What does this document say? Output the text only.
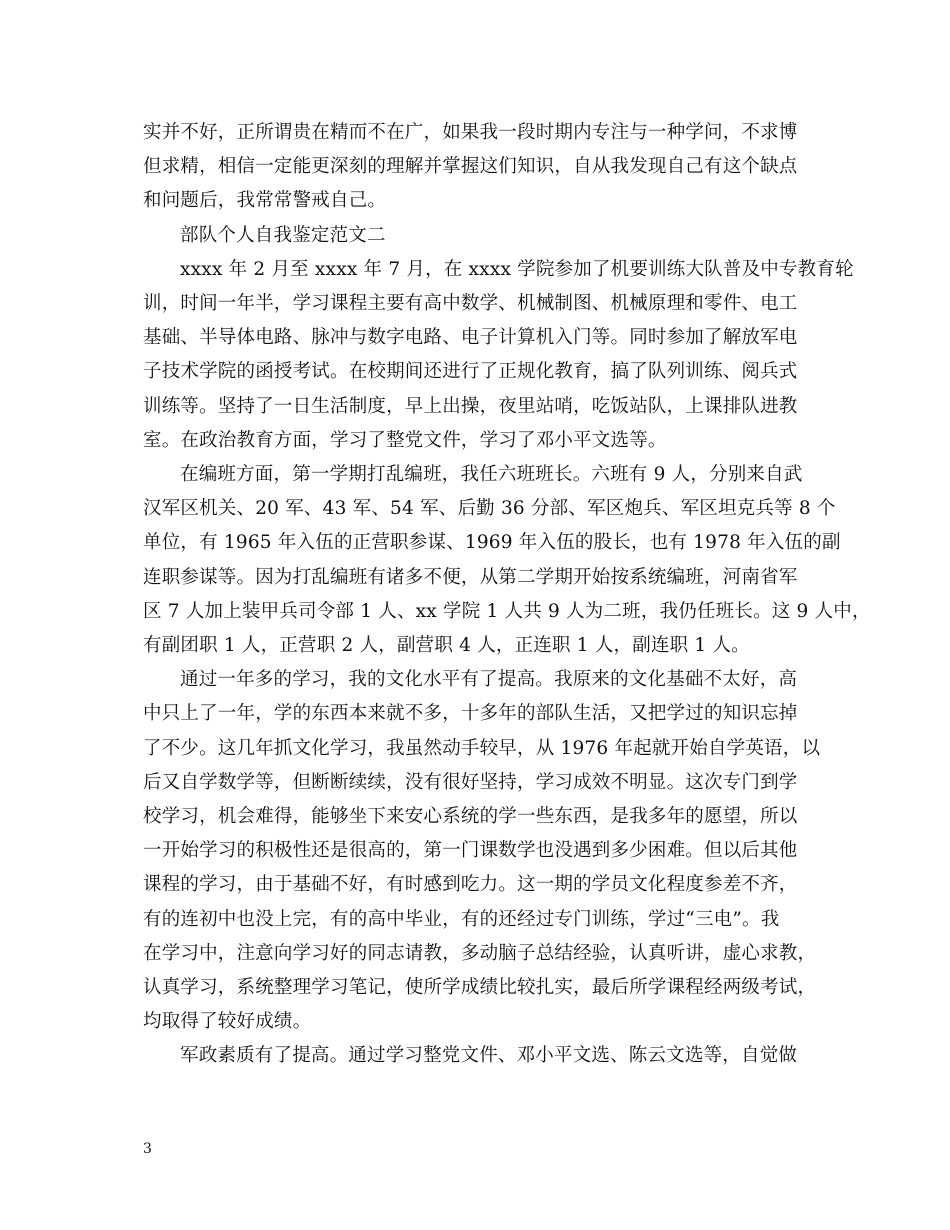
实并不好，正所谓贵在精而不在广，如果我一段时期内专注与一种学问，不求博
但求精，相信一定能更深刻的理解并掌握这们知识，自从我发现自己有这个缺点
和问题后，我常常警戒自己。
部队个人自我鉴定范文二
xxxx 年 2 月至 xxxx 年 7 月，在 xxxx 学院参加了机要训练大队普及中专教育轮
训，时间一年半，学习课程主要有高中数学、机械制图、机械原理和零件、电工
基础、半导体电路、脉冲与数字电路、电子计算机入门等。同时参加了解放军电
子技术学院的函授考试。在校期间还进行了正规化教育，搞了队列训练、阅兵式
训练等。坚持了一日生活制度，早上出操，夜里站哨，吃饭站队，上课排队进教
室。在政治教育方面，学习了整党文件，学习了邓小平文选等。
在编班方面，第一学期打乱编班，我任六班班长。六班有 9 人，分别来自武
汉军区机关、20 军、43 军、54 军、后勤 36 分部、军区炮兵、军区坦克兵等 8 个
单位，有 1965 年入伍的正营职参谋、1969 年入伍的股长，也有 1978 年入伍的副
连职参谋等。因为打乱编班有诸多不便，从第二学期开始按系统编班，河南省军
区 7 人加上装甲兵司令部 1 人、xx 学院 1 人共 9 人为二班，我仍任班长。这 9 人中，
有副团职 1 人，正营职 2 人，副营职 4 人，正连职 1 人，副连职 1 人。
通过一年多的学习，我的文化水平有了提高。我原来的文化基础不太好，高
中只上了一年，学的东西本来就不多，十多年的部队生活，又把学过的知识忘掉
了不少。这几年抓文化学习，我虽然动手较早，从 1976 年起就开始自学英语，以
后又自学数学等，但断断续续，没有很好坚持，学习成效不明显。这次专门到学
校学习，机会难得，能够坐下来安心系统的学一些东西，是我多年的愿望，所以
一开始学习的积极性还是很高的，第一门课数学也没遇到多少困难。但以后其他
课程的学习，由于基础不好，有时感到吃力。这一期的学员文化程度参差不齐，
有的连初中也没上完，有的高中毕业，有的还经过专门训练，学过“三电”。我
在学习中，注意向学习好的同志请教，多动脑子总结经验，认真听讲，虚心求教，
认真学习，系统整理学习笔记，使所学成绩比较扎实，最后所学课程经两级考试，
均取得了较好成绩。
军政素质有了提高。通过学习整党文件、邓小平文选、陈云文选等，自觉做
3
